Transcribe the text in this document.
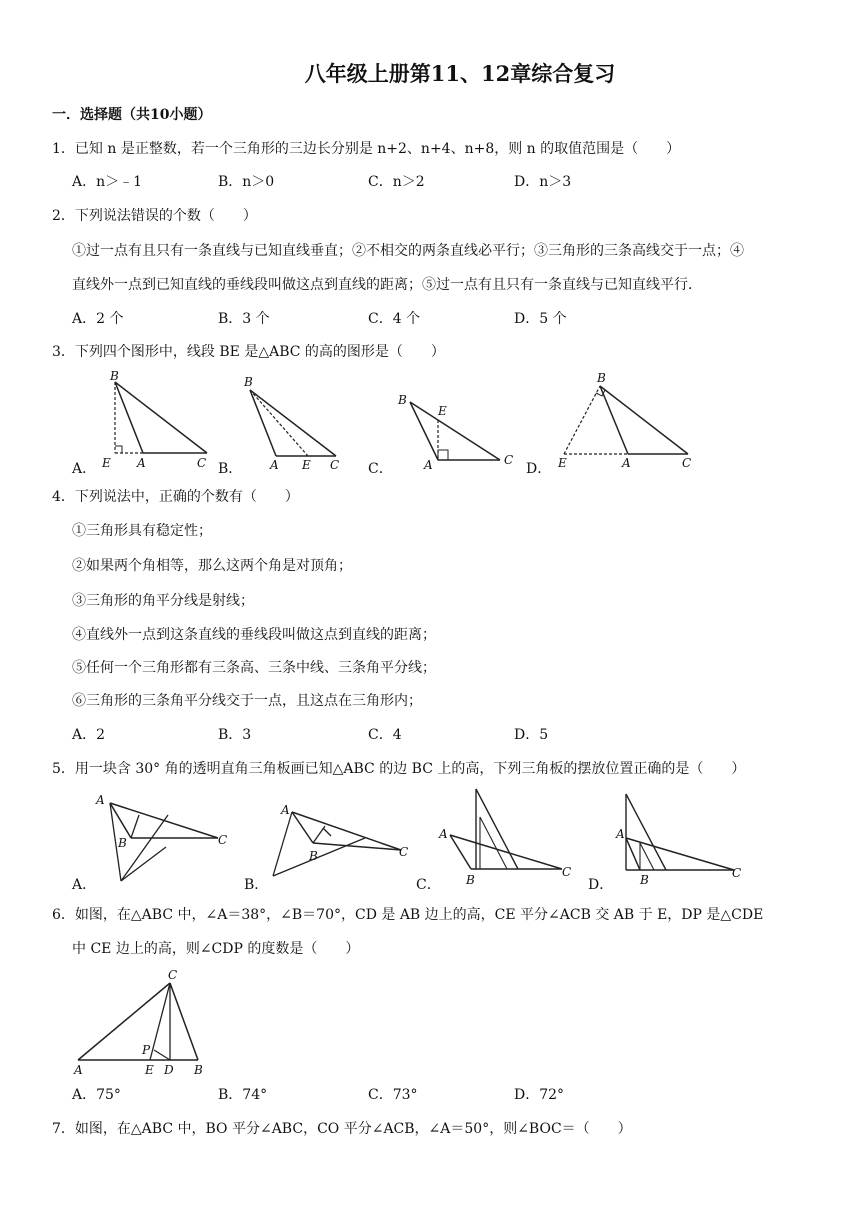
八年级上册第11、12章综合复习
一．选择题（共10小题）
1．已知 n 是正整数，若一个三角形的三边长分别是 n+2、n+4、n+8，则 n 的取值范围是（　　）
A．n＞﹣1	B．n＞0	C．n＞2	D．n＞3
2．下列说法错误的个数（　　）
①过一点有且只有一条直线与已知直线垂直；②不相交的两条直线必平行；③三角形的三条高线交于一点；④
直线外一点到已知直线的垂线段叫做这点到直线的距离；⑤过一点有且只有一条直线与已知直线平行．
A．2 个	B．3 个	C．4 个	D．5 个
3．下列四个图形中，线段 BE 是△ABC 的高的图形是（　　）
A．
B
E A	C B．
B
A E C C．
B
E
A	C
D．
B
E	A	C
4．下列说法中，正确的个数有（　　）
①三角形具有稳定性；
②如果两个角相等，那么这两个角是对顶角；
③三角形的角平分线是射线；
④直线外一点到这条直线的垂线段叫做这点到直线的距离；
⑤任何一个三角形都有三条高、三条中线、三条角平分线；
⑥三角形的三条角平分线交于一点，且这点在三角形内；
A．2	B．3	C．4	D．5
5．用一块含 30° 角的透明直角三角板画已知△ABC 的边 BC 上的高，下列三角板的摆放位置正确的是（　　）
A．
A
B	C
B．
A
B	C
C．
A
B
C
D．
A
B	C
6．如图，在△ABC 中，∠A＝38°，∠B＝70°，CD 是 AB 边上的高，CE 平分∠ACB 交 AB 于 E，DP 是△CDE
中 CE 边上的高，则∠CDP 的度数是（　　）
C
P
A	E D B
A．75°	B．74°	C．73°	D．72°
7．如图，在△ABC 中，BO 平分∠ABC，CO 平分∠ACB，∠A＝50°，则∠BOC＝（　　）
